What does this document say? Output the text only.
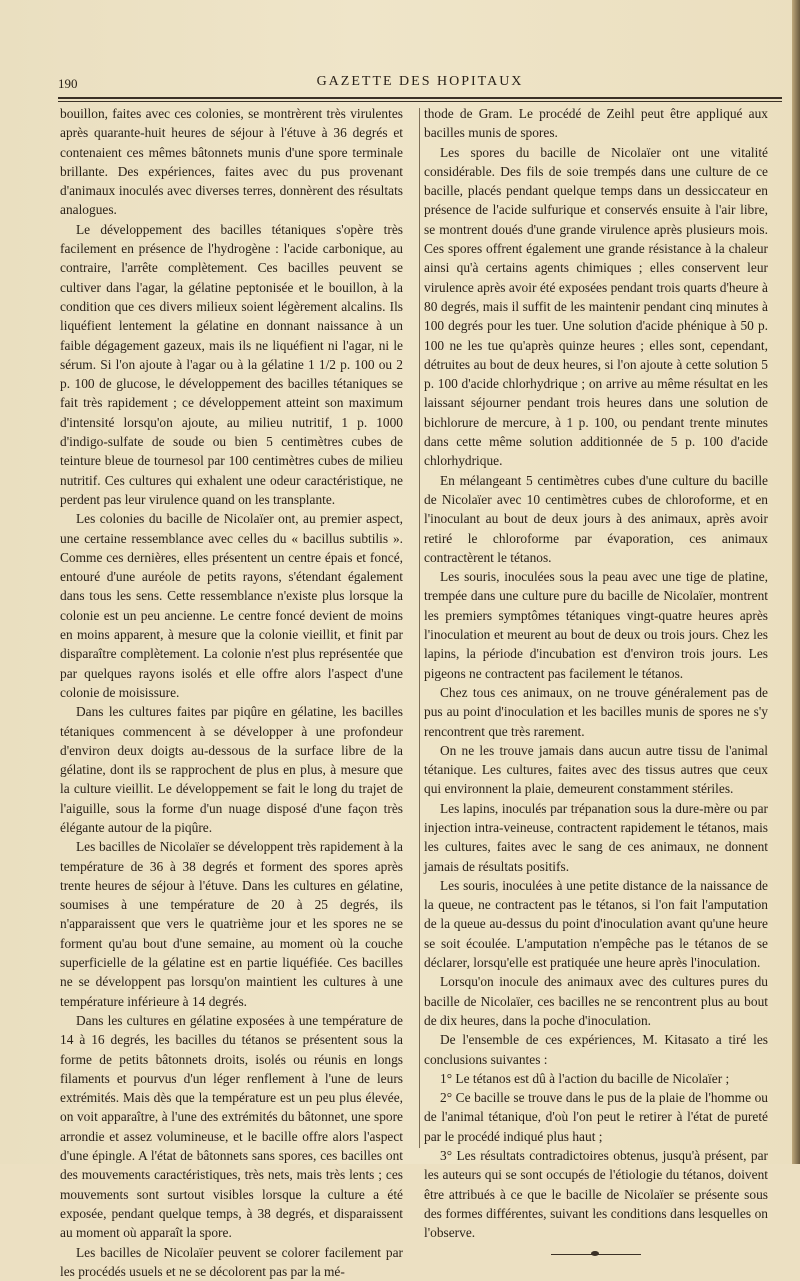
190	GAZETTE DES HOPITAUX

bouillon, faites avec ces colonies, se montrèrent très virulentes après quarante-huit heures de séjour à l'étuve à 36 degrés et contenaient ces mêmes bâtonnets munis d'une spore terminale brillante. Des expériences, faites avec du pus provenant d'animaux inoculés avec diverses terres, donnèrent des résultats analogues.

Le développement des bacilles tétaniques s'opère très facilement en présence de l'hydrogène : l'acide carbonique, au contraire, l'arrête complètement. Ces bacilles peuvent se cultiver dans l'agar, la gélatine peptonisée et le bouillon, à la condition que ces divers milieux soient légèrement alcalins. Ils liquéfient lentement la gélatine en donnant naissance à un faible dégagement gazeux, mais ils ne liquéfient ni l'agar, ni le sérum. Si l'on ajoute à l'agar ou à la gélatine 1 1/2 p. 100 ou 2 p. 100 de glucose, le développement des bacilles tétaniques se fait très rapidement ; ce développement atteint son maximum d'intensité lorsqu'on ajoute, au milieu nutritif, 1 p. 1000 d'indigo-sulfate de soude ou bien 5 centimètres cubes de teinture bleue de tournesol par 100 centimètres cubes de milieu nutritif. Ces cultures qui exhalent une odeur caractéristique, ne perdent pas leur virulence quand on les transplante.

Les colonies du bacille de Nicolaïer ont, au premier aspect, une certaine ressemblance avec celles du « bacillus subtilis ». Comme ces dernières, elles présentent un centre épais et foncé, entouré d'une auréole de petits rayons, s'étendant également dans tous les sens. Cette ressemblance n'existe plus lorsque la colonie est un peu ancienne. Le centre foncé devient de moins en moins apparent, à mesure que la colonie vieillit, et finit par disparaître complètement. La colonie n'est plus représentée que par quelques rayons isolés et elle offre alors l'aspect d'une colonie de moisissure.

Dans les cultures faites par piqûre en gélatine, les bacilles tétaniques commencent à se développer à une profondeur d'environ deux doigts au-dessous de la surface libre de la gélatine, dont ils se rapprochent de plus en plus, à mesure que la culture vieillit. Le développement se fait le long du trajet de l'aiguille, sous la forme d'un nuage disposé d'une façon très élégante autour de la piqûre.

Les bacilles de Nicolaïer se développent très rapidement à la température de 36 à 38 degrés et forment des spores après trente heures de séjour à l'étuve. Dans les cultures en gélatine, soumises à une température de 20 à 25 degrés, ils n'apparaissent que vers le quatrième jour et les spores ne se forment qu'au bout d'une semaine, au moment où la couche superficielle de la gélatine est en partie liquéfiée. Ces bacilles ne se développent pas lorsqu'on maintient les cultures à une température inférieure à 14 degrés.

Dans les cultures en gélatine exposées à une température de 14 à 16 degrés, les bacilles du tétanos se présentent sous la forme de petits bâtonnets droits, isolés ou réunis en longs filaments et pourvus d'un léger renflement à l'une de leurs extrémités. Mais dès que la température est un peu plus élevée, on voit apparaître, à l'une des extrémités du bâtonnet, une spore arrondie et assez volumineuse, et le bacille offre alors l'aspect d'une épingle. A l'état de bâtonnets sans spores, ces bacilles ont des mouvements caractéristiques, très nets, mais très lents ; ces mouvements sont surtout visibles lorsque la culture a été exposée, pendant quelque temps, à 38 degrés, et disparaissent au moment où apparaît la spore.

Les bacilles de Nicolaïer peuvent se colorer facilement par les procédés usuels et ne se décolorent pas par la mé-

thode de Gram. Le procédé de Zeihl peut être appliqué aux bacilles munis de spores.

Les spores du bacille de Nicolaïer ont une vitalité considérable. Des fils de soie trempés dans une culture de ce bacille, placés pendant quelque temps dans un dessiccateur en présence de l'acide sulfurique et conservés ensuite à l'air libre, se montrent doués d'une grande virulence après plusieurs mois. Ces spores offrent également une grande résistance à la chaleur ainsi qu'à certains agents chimiques ; elles conservent leur virulence après avoir été exposées pendant trois quarts d'heure à 80 degrés, mais il suffit de les maintenir pendant cinq minutes à 100 degrés pour les tuer. Une solution d'acide phénique à 50 p. 100 ne les tue qu'après quinze heures ; elles sont, cependant, détruites au bout de deux heures, si l'on ajoute à cette solution 5 p. 100 d'acide chlorhydrique ; on arrive au même résultat en les laissant séjourner pendant trois heures dans une solution de bichlorure de mercure, à 1 p. 100, ou pendant trente minutes dans cette même solution additionnée de 5 p. 100 d'acide chlorhydrique.

En mélangeant 5 centimètres cubes d'une culture du bacille de Nicolaïer avec 10 centimètres cubes de chloroforme, et en l'inoculant au bout de deux jours à des animaux, après avoir retiré le chloroforme par évaporation, ces animaux contractèrent le tétanos.

Les souris, inoculées sous la peau avec une tige de platine, trempée dans une culture pure du bacille de Nicolaïer, montrent les premiers symptômes tétaniques vingt-quatre heures après l'inoculation et meurent au bout de deux ou trois jours. Chez les lapins, la période d'incubation est d'environ trois jours. Les pigeons ne contractent pas facilement le tétanos.

Chez tous ces animaux, on ne trouve généralement pas de pus au point d'inoculation et les bacilles munis de spores ne s'y rencontrent que très rarement.

On ne les trouve jamais dans aucun autre tissu de l'animal tétanique. Les cultures, faites avec des tissus autres que ceux qui environnent la plaie, demeurent constamment stériles.

Les lapins, inoculés par trépanation sous la dure-mère ou par injection intra-veineuse, contractent rapidement le tétanos, mais les cultures, faites avec le sang de ces animaux, ne donnent jamais de résultats positifs.

Les souris, inoculées à une petite distance de la naissance de la queue, ne contractent pas le tétanos, si l'on fait l'amputation de la queue au-dessus du point d'inoculation avant qu'une heure se soit écoulée. L'amputation n'empêche pas le tétanos de se déclarer, lorsqu'elle est pratiquée une heure après l'inoculation.

Lorsqu'on inocule des animaux avec des cultures pures du bacille de Nicolaïer, ces bacilles ne se rencontrent plus au bout de dix heures, dans la poche d'inoculation.

De l'ensemble de ces expériences, M. Kitasato a tiré les conclusions suivantes :

1° Le tétanos est dû à l'action du bacille de Nicolaïer ;

2° Ce bacille se trouve dans le pus de la plaie de l'homme ou de l'animal tétanique, d'où l'on peut le retirer à l'état de pureté par le procédé indiqué plus haut ;

3° Les résultats contradictoires obtenus, jusqu'à présent, par les auteurs qui se sont occupés de l'étiologie du tétanos, doivent être attribués à ce que le bacille de Nicolaïer se présente sous des formes différentes, suivant les conditions dans lesquelles on l'observe.
